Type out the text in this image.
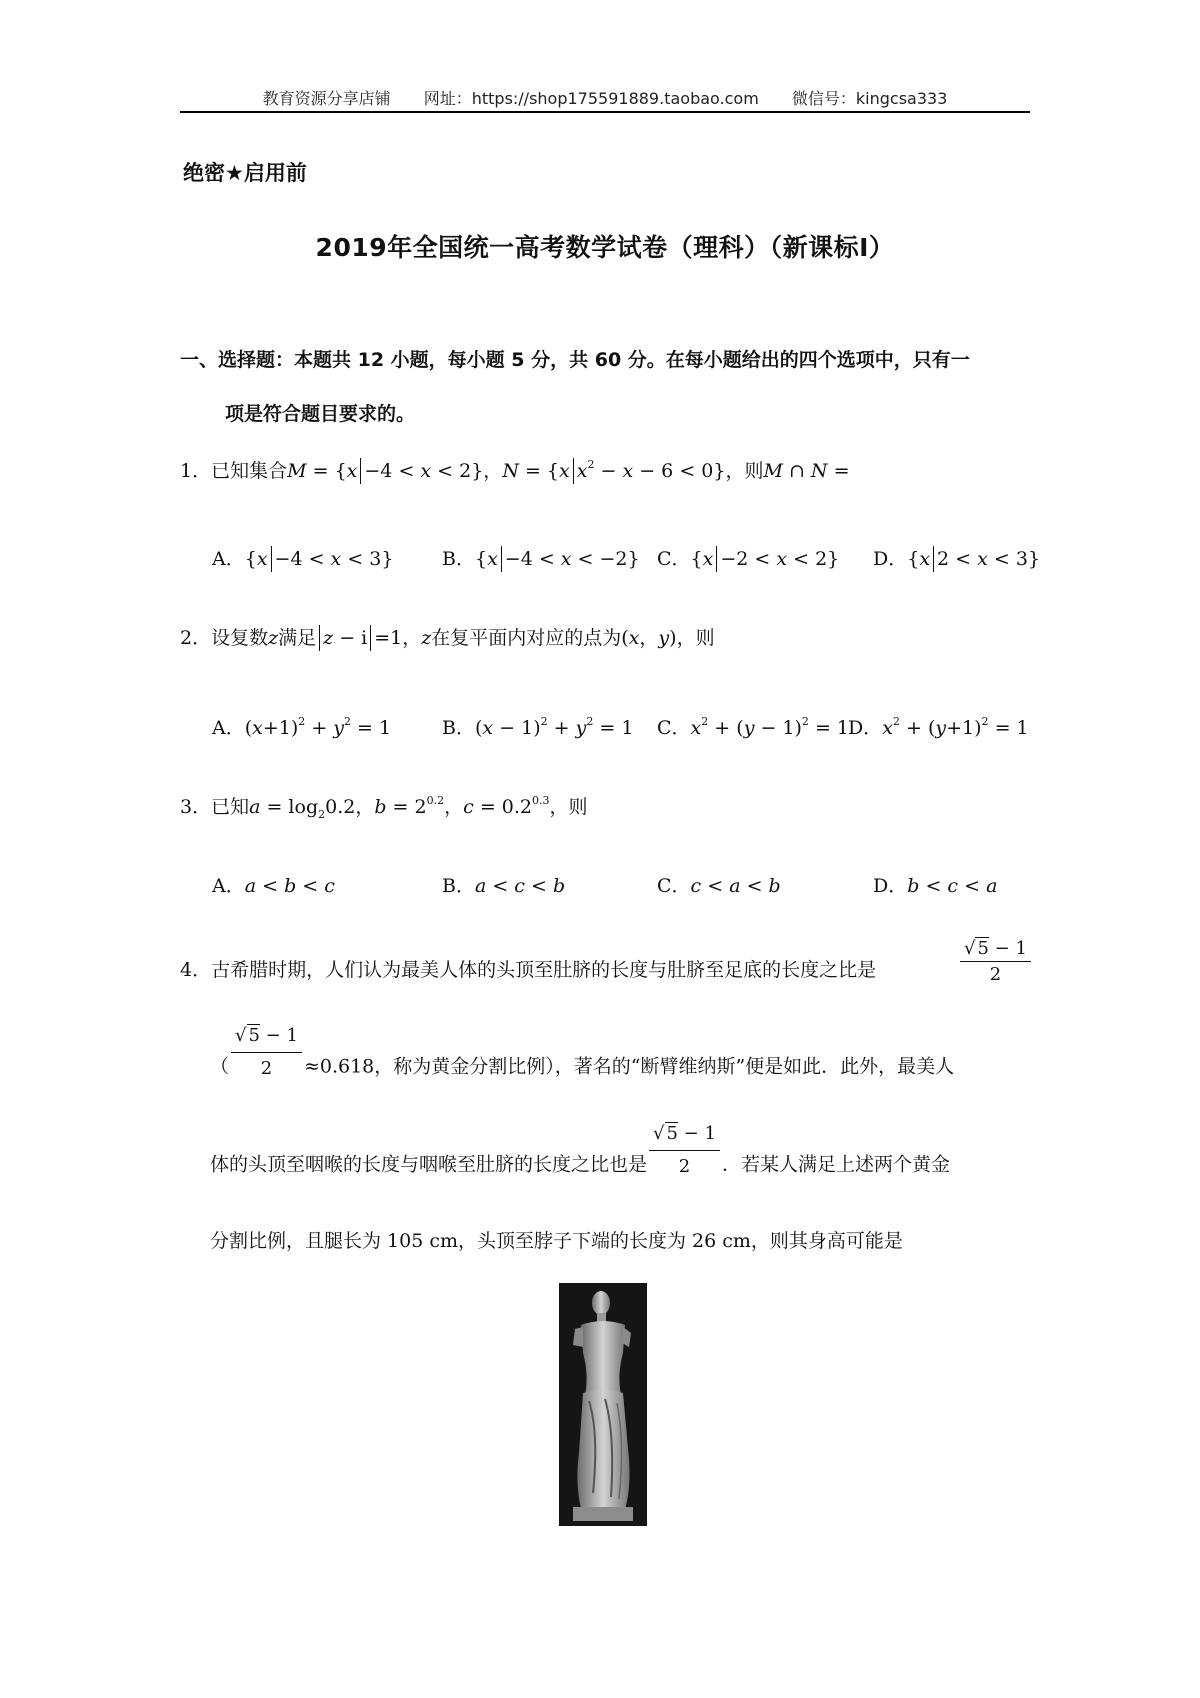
教育资源分享店铺 网址：https://shop175591889.taobao.com 微信号：kingcsa333
绝密★启用前
2019年全国统一高考数学试卷（理科）（新课标Ⅰ）
一、选择题：本题共 12 小题，每小题 5 分，共 60 分。在每小题给出的四个选项中，只有一
项是符合题目要求的。
1．已知集合M = {x −4 < x < 2}，N = {x $x^2 - x - 6 < 0$}，则M ∩ N =
A．{x −4 < x < 3}	B．{x −4 < x < −2} C．{x −2 < x < 2} D．{x 2 < x < 3}
2．设复数z满足 z − i =1，z在复平面内对应的点为(x，y)，则
A．$(x+1)^2 + y^2 = 1$	B．$(x - 1)^2 + y^2 = 1$ C．$x^2 + (y - 1)^2 = 1$
D．$x^2 + (y+1)^2 = 1$
3．已知$a = \log_20.2$，$b = 2^{0.2}$，$c = 0.2^{0.3}$，则
A．a < b < c	B．a < c < b	C．c < a < b	D．b < c < a
4．古希腊时期，人们认为最美人体的头顶至肚脐的长度与肚脐至足底的长度之比是	$\frac{√ 5 - 1}{2}$
（ $\frac{√ 5 - 1}{2} \approx 0.618$，称为黄金分割比例），著名的“断臂维纳斯”便是如此．此外，最美人
体的头顶至咽喉的长度与咽喉至肚脐的长度之比也是 $\frac{√ 5 - 1}{2}$ ．若某人满足上述两个黄金
分割比例，且腿长为 105 cm，头顶至脖子下端的长度为 26 cm，则其身高可能是
